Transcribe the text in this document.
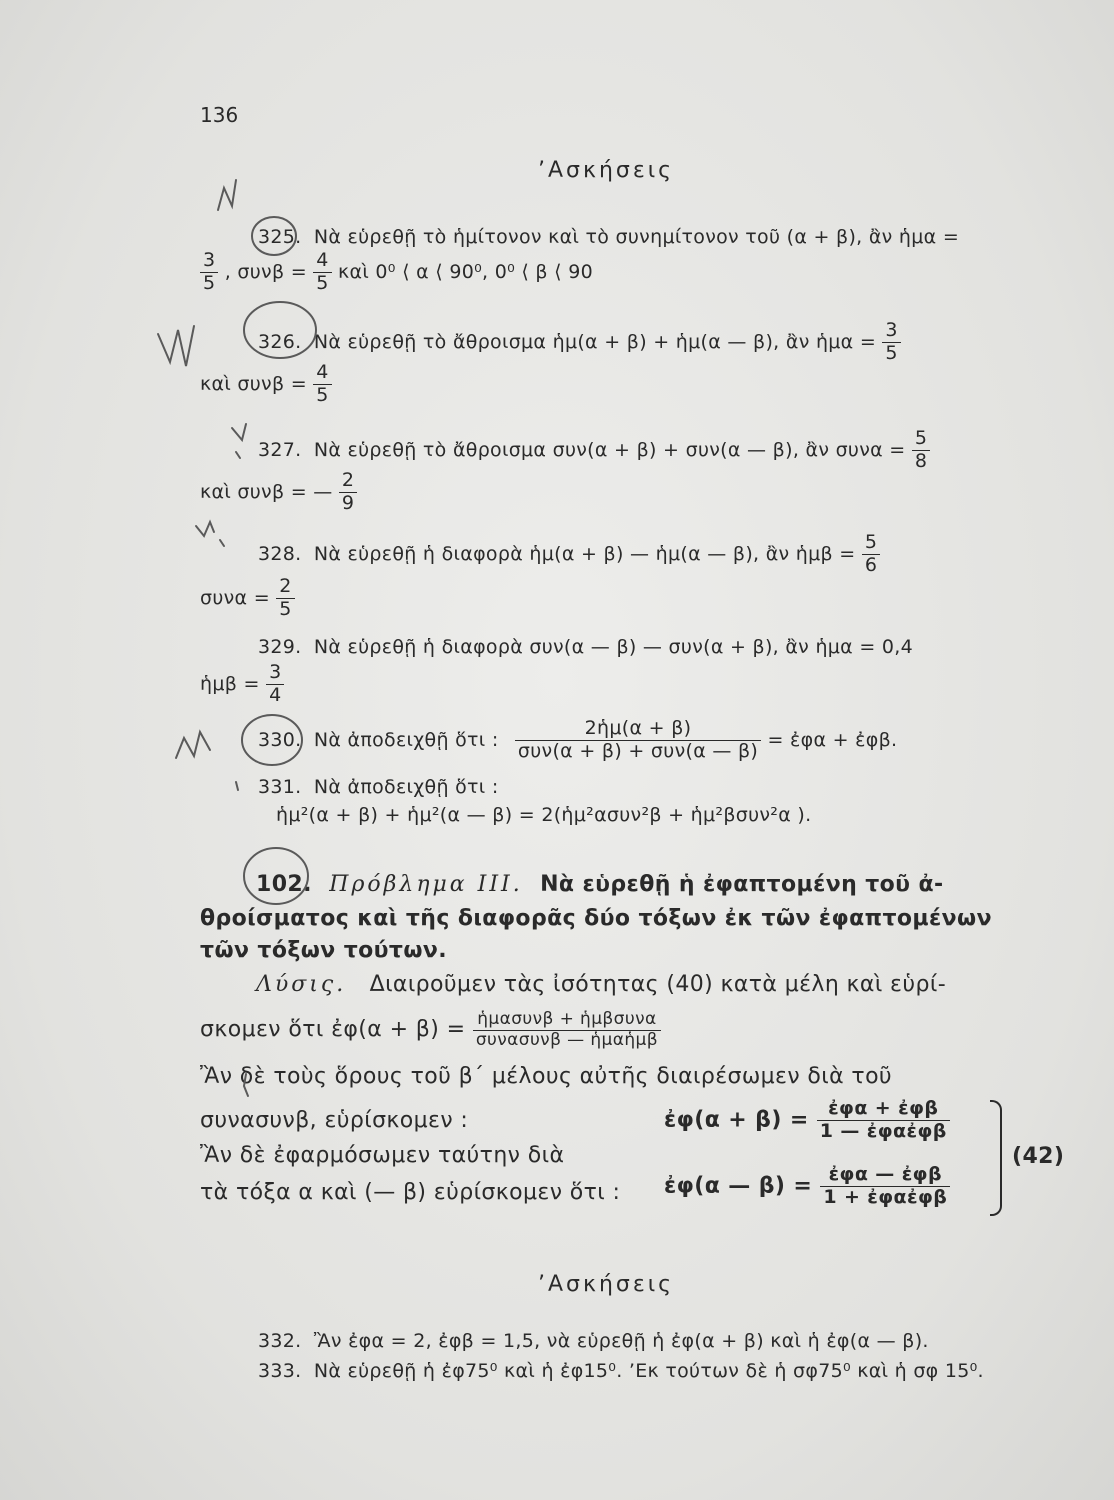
136
’Ασκήσεις
325. Νὰ εὑρεθῇ τὸ ἡμίτονον καὶ τὸ συνημίτονον τοῦ (α + β), ἂν ἡμα =
$\frac{3}{5}$ , $\sigma\upsilon\nu\beta = \frac{4}{5}$ καὶ 0⁰ ⟨ α ⟨ 90⁰, 0⁰ ⟨ β ⟨ 90
326. Νὰ εὑρεθῇ τὸ ἄθροισμα ἡμ(α + β) + ἡμ(α — β), ἂν ἡμα = $\frac{3}{5}$
καὶ $\sigma\upsilon\nu\beta = \frac{4}{5}$
327. Νὰ εὑρεθῇ τὸ ἄθροισμα συν(α + β) + συν(α — β), ἂν $\sigma\upsilon\nu\alpha = \frac{5}{8}$
καὶ συνβ = — $\frac{2}{9}$
328. Νὰ εὑρεθῇ ἡ διαφορὰ ἡμ(α + β) — ἡμ(α — β), ἂν ἡμβ = $\frac{5}{6}$
$\sigma\upsilon\nu\alpha = \frac{2}{5}$
329. Νὰ εὑρεθῇ ἡ διαφορὰ συν(α — β) — συν(α + β), ἂν ἡμα = 0,4
ἡμβ = $\frac{3}{4}$
330. Νὰ ἀποδειχθῇ ὅτι : $\frac{\text{2ἡμ(α + β)}}{\text{συν(α + β) + συν(α — β)}}$ = ἐφα + ἐφβ.
331. Νὰ ἀποδειχθῇ ὅτι :
ἡμ²(α + β) + ἡμ²(α — β) = 2(ἡμ²ασυν²β + ἡμ²βσυν²α ).
102. Πρόβλημα III. Νὰ εὑρεθῇ ἡ ἐφαπτομένη τοῦ ἀ-
θροίσματος καὶ τῆς διαφορᾶς δύο τόξων ἐκ τῶν ἐφαπτομένων
τῶν τόξων τούτων.
Λύσις. Διαιροῦμεν τὰς ἰσότητας (40) κατὰ μέλη καὶ εὑρί-
σκομεν ὅτι ἐφ(α + $\beta) = \frac{\text{ἡμασυνβ + ἡμβσυνα}}{\text{συνασυνβ — ἡμαἡμβ}}$
Ἂν δὲ τοὺς ὅρους τοῦ β΄ μέλους αὐτῆς διαιρέσωμεν διὰ τοῦ
συνασυνβ, εὑρίσκομεν :
Ἂν δὲ ἐφαρμόσωμεν ταύτην διὰ
τὰ τόξα α καὶ (— β) εὑρίσκομεν ὅτι :
ἐφ(α + $\beta) = \frac{\text{ἐφα + ἐφβ}}{\text{1 — ἐφαἐφβ}}$
ἐφ(α — $\beta) = \frac{\text{ἐφα — ἐφβ}}{\text{1 + ἐφαἐφβ}}$
(42)
’Ασκήσεις
332. Ἂν ἐφα = 2, ἐφβ = 1,5, νὰ εὑρεθῇ ἡ ἐφ(α + β) καὶ ἡ ἐφ(α — β).
333. Νὰ εὑρεθῇ ἡ ἐφ75⁰ καὶ ἡ ἐφ15⁰. ’Εκ τούτων δὲ ἡ σφ75⁰ καὶ ἡ σφ 15⁰.
